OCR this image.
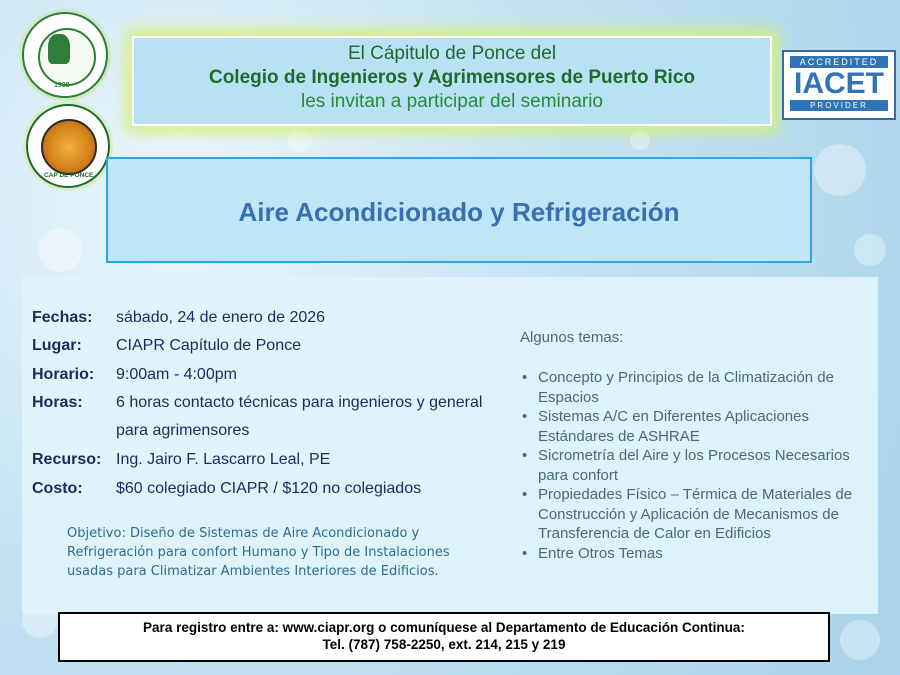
1938
CAP DE PONCE
El Cápitulo de Ponce del
Colegio de Ingenieros y Agrimensores de Puerto Rico
les invitan a participar del seminario
ACCREDITED
IACET
PROVIDER
Aire Acondicionado y Refrigeración
Fechas: sábado, 24 de enero de 2026
Lugar: CIAPR Capítulo de Ponce
Horario: 9:00am - 4:00pm
Horas: 6 horas contacto técnicas para ingenieros y general
para agrimensores
Recurso: Ing. Jairo F. Lascarro Leal, PE
Costo: $60 colegiado CIAPR / $120 no colegiados
Objetivo: Diseño de Sistemas de Aire Acondicionado y Refrigeración para confort Humano y Tipo de Instalaciones usadas para Climatizar Ambientes Interiores de Edificios.
Algunos temas:
• Concepto y Principios de la Climatización de Espacios
• Sistemas A/C en Diferentes Aplicaciones Estándares de ASHRAE
• Sicrometría del Aire y los Procesos Necesarios para confort
• Propiedades Físico – Térmica de Materiales de Construcción y Aplicación de Mecanismos de Transferencia de Calor en Edificios
• Entre Otros Temas
Para registro entre a: www.ciapr.org o comuníquese al Departamento de Educación Continua:
Tel. (787) 758-2250, ext. 214, 215 y 219
